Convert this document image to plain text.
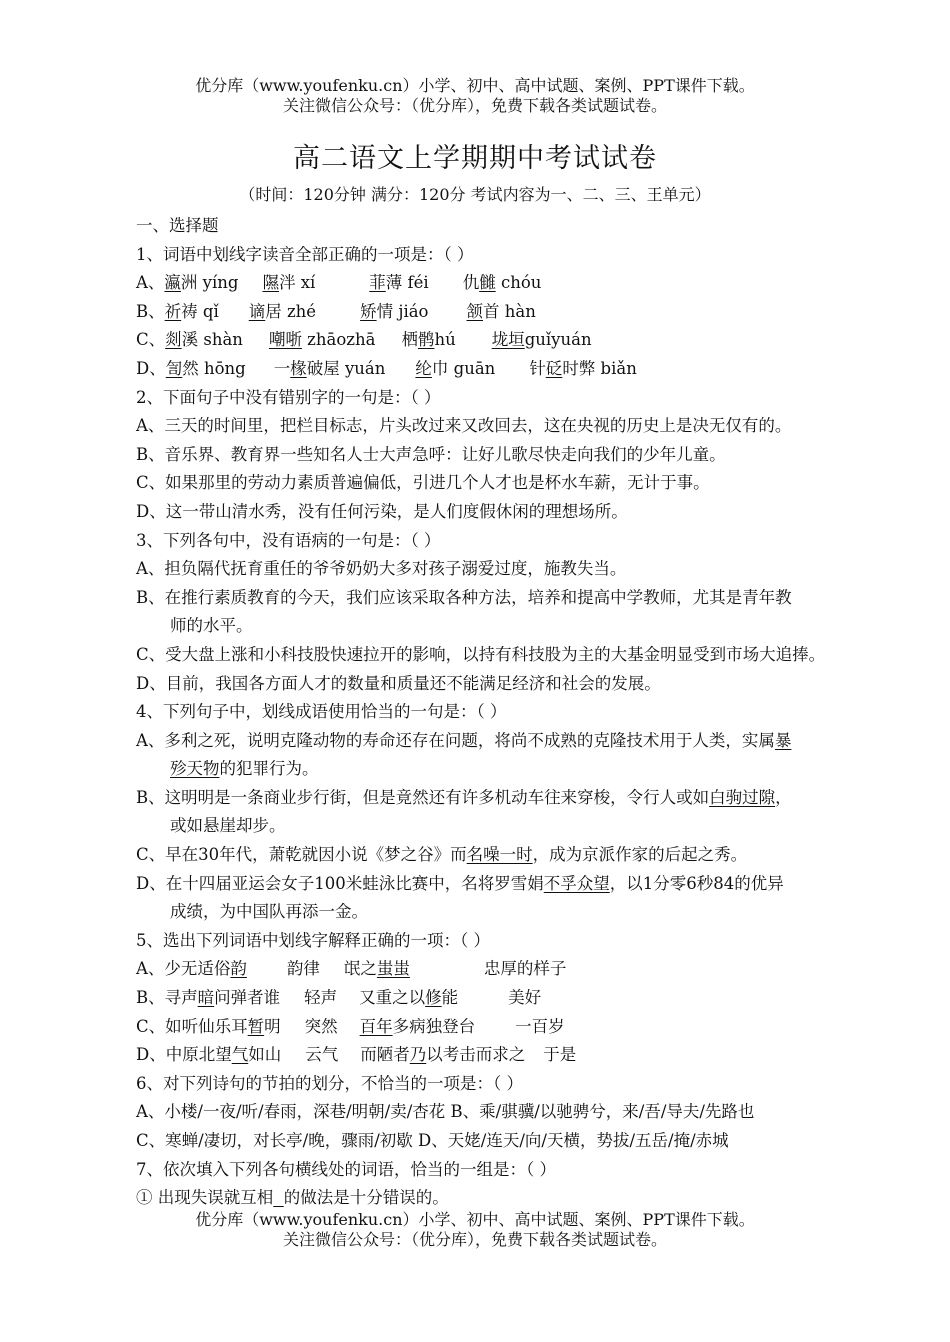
优分库（www.youfenku.cn）小学、初中、高中试题、案例、PPT课件下载。
关注微信公众号：（优分库），免费下载各类试题试卷。
高二语文上学期期中考试试卷
（时间：120分钟 满分：120分 考试内容为一、二、三、王单元）
一、选择题
1、词语中划线字读音全部正确的一项是：（ ）
A、瀛洲 yíng 隰泮 xí	菲薄 féi 仇雠 chóu
B、祈祷 qǐ 谪居 zhé	矫情 jiáo 颔首 hàn
C、剡溪 shàn 嘲哳 zhāozhā 栖鹘hú 垅垣guǐyuán
D、訇然 hōng 一椽破屋 yuán 纶巾 guān 针砭时弊 biǎn
2、下面句子中没有错别字的一句是：（ ）
A、三天的时间里，把栏目标志，片头改过来又改回去，这在央视的历史上是决无仅有的。
B、音乐界、教育界一些知名人士大声急呼：让好儿歌尽快走向我们的少年儿童。
C、如果那里的劳动力素质普遍偏低，引进几个人才也是杯水车薪，无计于事。
D、这一带山清水秀，没有任何污染，是人们度假休闲的理想场所。
3、下列各句中，没有语病的一句是：（ ）
A、担负隔代抚育重任的爷爷奶奶大多对孩子溺爱过度，施教失当。
B、在推行素质教育的今天，我们应该采取各种方法，培养和提高中学教师，尤其是青年教
师的水平。
C、受大盘上涨和小科技股快速拉开的影响，以持有科技股为主的大基金明显受到市场大追捧。
D、目前，我国各方面人才的数量和质量还不能满足经济和社会的发展。
4、下列句子中，划线成语使用恰当的一句是：（ ）
A、多利之死，说明克隆动物的寿命还存在问题，将尚不成熟的克隆技术用于人类，实属暴
殄天物的犯罪行为。
B、这明明是一条商业步行街，但是竟然还有许多机动车往来穿梭，令行人或如白驹过隙，
或如悬崖却步。
C、早在30年代，萧乾就因小说《梦之谷》而名噪一时，成为京派作家的后起之秀。
D、在十四届亚运会女子100米蛙泳比赛中，名将罗雪娟不孚众望，以1分零6秒84的优异
成绩，为中国队再添一金。
5、选出下列词语中划线字解释正确的一项：（ ）
A、少无适俗韵 韵律 氓之蚩蚩	忠厚的样子
B、寻声暗问弹者谁 轻声 又重之以修能	美好
C、如听仙乐耳暂明 突然 百年多病独登台 一百岁
D、中原北望气如山 云气 而陋者乃以考击而求之 于是
6、对下列诗句的节拍的划分，不恰当的一项是：（ ）
A、小楼/一夜/听/春雨，深巷/明朝/卖/杏花 B、乘/骐骥/以驰骋兮，来/吾/导夫/先路也
C、寒蝉/凄切，对长亭/晚，骤雨/初歇 D、天姥/连天/向/天横，势拔/五岳/掩/赤城
7、依次填入下列各句横线处的词语，恰当的一组是：（ ）
① 出现失误就互相 的做法是十分错误的。
优分库（www.youfenku.cn）小学、初中、高中试题、案例、PPT课件下载。
关注微信公众号：（优分库），免费下载各类试题试卷。
